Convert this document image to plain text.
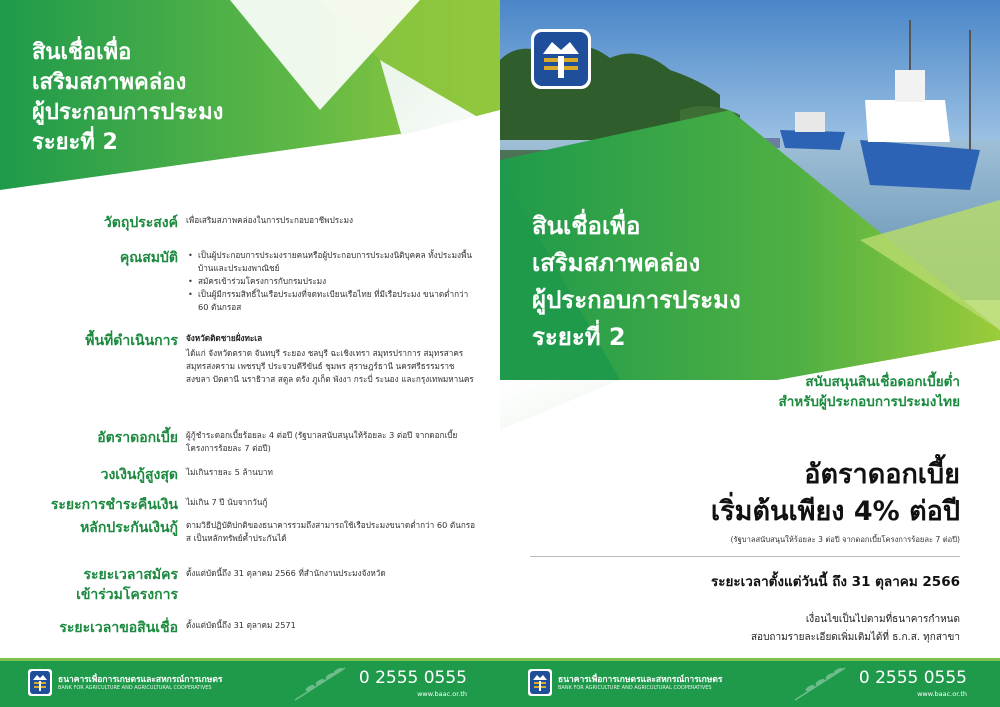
สินเชื่อเพื่อ
เสริมสภาพคล่อง
ผู้ประกอบการประมง
ระยะที่ 2
วัตถุประสงค์ เพื่อเสริมสภาพคล่องในการประกอบอาชีพประมง
คุณสมบัติ
•	เป็นผู้ประกอบการประมงรายคนหรือผู้ประกอบการประมงนิติบุคคล ทั้งประมงพื้นบ้านและประมงพาณิชย์
• สมัครเข้าร่วมโครงการกับกรมประมง
• เป็นผู้มีกรรมสิทธิ์ในเรือประมงที่จดทะเบียนเรือไทย ที่มีเรือประมง ขนาดต่ำกว่า 60 ตันกรอส
พื้นที่ดำเนินการ จังหวัดติดชายฝั่งทะเล
ได้แก่ จังหวัดตราด จันทบุรี ระยอง ชลบุรี ฉะเชิงเทรา สมุทรปราการ สมุทรสาคร สมุทรสงคราม เพชรบุรี ประจวบคีรีขันธ์ ชุมพร สุราษฎร์ธานี นครศรีธรรมราช สงขลา ปัตตานี นราธิวาส สตูล ตรัง ภูเก็ต พังงา กระบี่ ระนอง และกรุงเทพมหานคร
อัตราดอกเบี้ย ผู้กู้ชำระดอกเบี้ยร้อยละ 4 ต่อปี (รัฐบาลสนับสนุนให้ร้อยละ 3 ต่อปี จากดอกเบี้ยโครงการร้อยละ 7 ต่อปี)
วงเงินกู้สูงสุด ไม่เกินรายละ 5 ล้านบาท
ระยะการชำระคืนเงิน ไม่เกิน 7 ปี นับจากวันกู้
หลักประกันเงินกู้ ตามวิธีปฏิบัติปกติของธนาคารรวมถึงสามารถใช้เรือประมงขนาดต่ำกว่า 60 ตันกรอส เป็นหลักทรัพย์ค้ำประกันได้
ระยะเวลาสมัคร
เข้าร่วมโครงการ
ตั้งแต่บัดนี้ถึง 31 ตุลาคม 2566 ที่สำนักงานประมงจังหวัด
ระยะเวลาขอสินเชื่อ ตั้งแต่บัดนี้ถึง 31 ตุลาคม 2571
ธนาคารเพื่อการเกษตรและสหกรณ์การเกษตร
BANK FOR AGRICULTURE AND AGRICULTURAL COOPERATIVES	0 2555 0555
www.baac.or.th
สินเชื่อเพื่อ
เสริมสภาพคล่อง
ผู้ประกอบการประมง
ระยะที่ 2
สนับสนุนสินเชื่อดอกเบี้ยต่ำ
สำหรับผู้ประกอบการประมงไทย
อัตราดอกเบี้ย
เริ่มต้นเพียง 4% ต่อปี
(รัฐบาลสนับสนุนให้ร้อยละ 3 ต่อปี จากดอกเบี้ยโครงการร้อยละ 7 ต่อปี)
ระยะเวลาตั้งแต่วันนี้ ถึง 31 ตุลาคม 2566
เงื่อนไขเป็นไปตามที่ธนาคารกำหนด
สอบถามรายละเอียดเพิ่มเติมได้ที่ ธ.ก.ส. ทุกสาขา
ธนาคารเพื่อการเกษตรและสหกรณ์การเกษตร
BANK FOR AGRICULTURE AND AGRICULTURAL COOPERATIVES	0 2555 0555
www.baac.or.th
